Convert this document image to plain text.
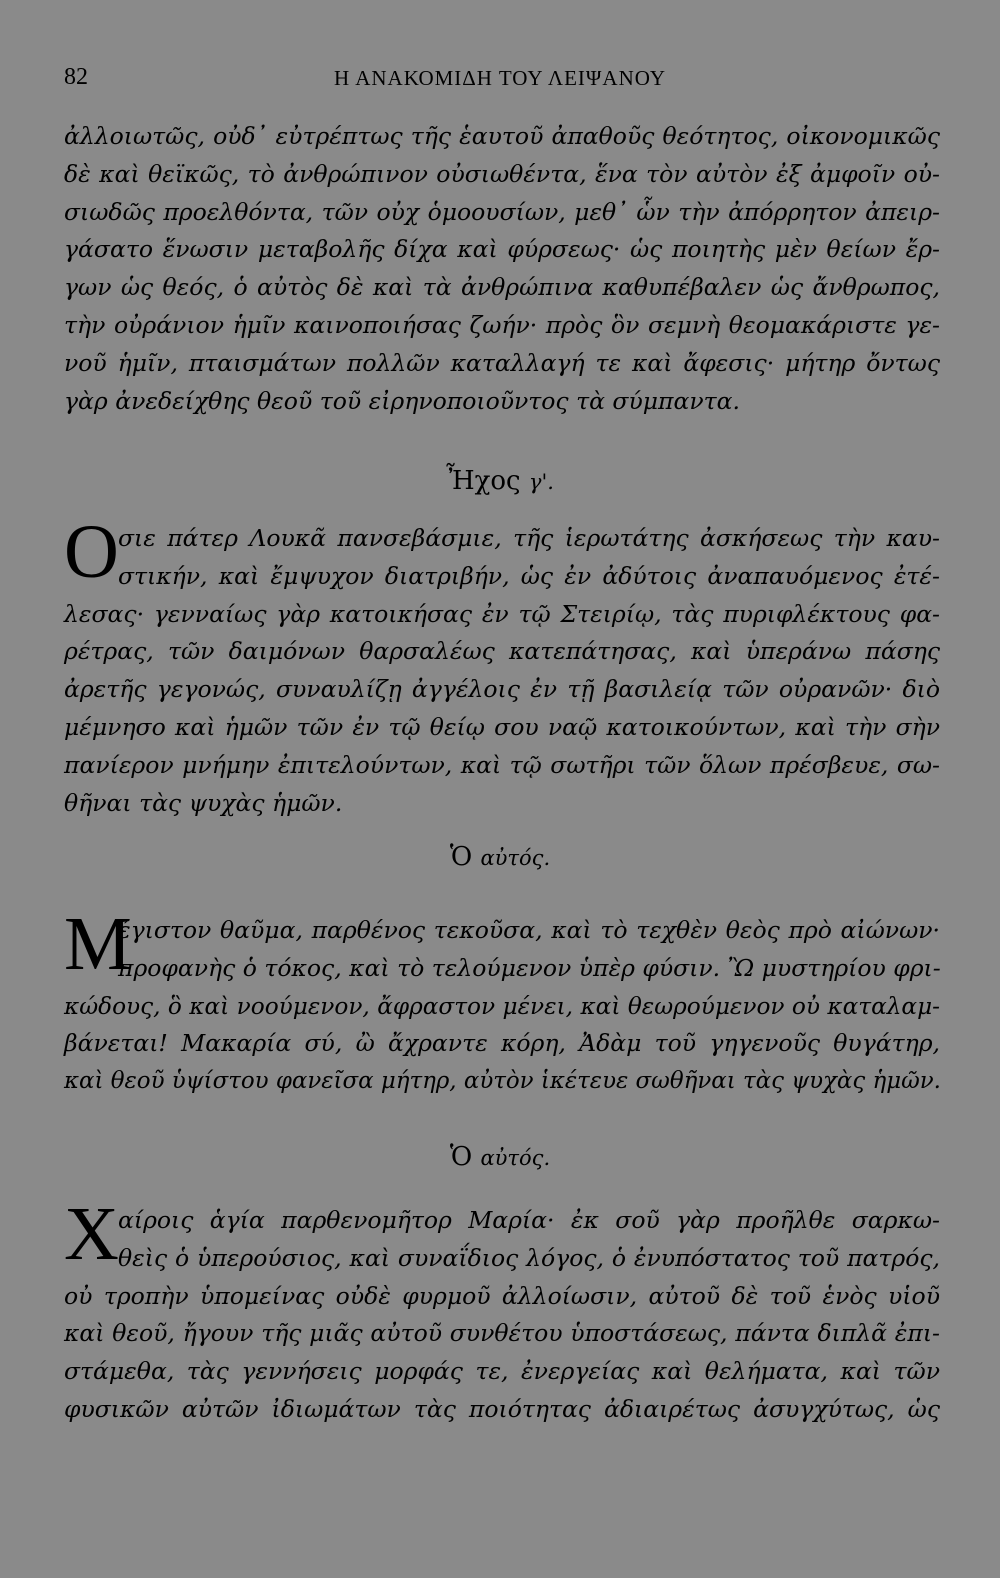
82	Η ΑΝΑΚΟΜΙΔΗ ΤΟΥ ΛΕΙΨΑΝΟΥ
ἀλλοιωτῶς, οὐδ᾽ εὐτρέπτως τῆς ἑαυτοῦ ἀπαθοῦς θεότητος, οἰκονομικῶς
δὲ καὶ θεϊκῶς, τὸ ἀνθρώπινον οὐσιωθέντα, ἕνα τὸν αὐτὸν ἐξ ἀμφοῖν οὐ-
σιωδῶς προελθόντα, τῶν οὐχ ὁμοουσίων, μεθ᾽ ὧν τὴν ἀπόρρητον ἀπειρ-
γάσατο ἕνωσιν μεταβολῆς δίχα καὶ φύρσεως· ὡς ποιητὴς μὲν θείων ἔρ-
γων ὡς θεός, ὁ αὐτὸς δὲ καὶ τὰ ἀνθρώπινα καθυπέβαλεν ὡς ἄνθρωπος,
τὴν οὐράνιον ἡμῖν καινοποιήσας ζωήν· πρὸς ὃν σεμνὴ θεομακάριστε γε-
νοῦ ἡμῖν, πταισμάτων πολλῶν καταλλαγή τε καὶ ἄφεσις· μήτηρ ὄντως
γὰρ ἀνεδείχθης θεοῦ τοῦ εἰρηνοποιοῦντος τὰ σύμπαντα.
Ἦχος γ'.
Ο σιε πάτερ Λουκᾶ πανσεβάσμιε, τῆς ἱερωτάτης ἀσκήσεως τὴν καυ-
στικήν, καὶ ἔμψυχον διατριβήν, ὡς ἐν ἀδύτοις ἀναπαυόμενος ἐτέ-
λεσας· γενναίως γὰρ κατοικήσας ἐν τῷ Στειρίῳ, τὰς πυριφλέκτους φα-
ρέτρας, τῶν δαιμόνων θαρσαλέως κατεπάτησας, καὶ ὑπεράνω πάσης
ἀρετῆς γεγονώς, συναυλίζῃ ἀγγέλοις ἐν τῇ βασιλείᾳ τῶν οὐρανῶν· διὸ
μέμνησο καὶ ἡμῶν τῶν ἐν τῷ θείῳ σου ναῷ κατοικούντων, καὶ τὴν σὴν
πανίερον μνήμην ἐπιτελούντων, καὶ τῷ σωτῆρι τῶν ὅλων πρέσβευε, σω-
θῆναι τὰς ψυχὰς ἡμῶν.
Ὁ αὐτός.
Μ
έγιστον θαῦμα, παρθένος τεκοῦσα, καὶ τὸ τεχθὲν θεὸς πρὸ αἰώνων·
προφανὴς ὁ τόκος, καὶ τὸ τελούμενον ὑπὲρ φύσιν. Ὢ μυστηρίου φρι-
κώδους, ὃ καὶ νοούμενον, ἄφραστον μένει, καὶ θεωρούμενον οὐ καταλαμ-
βάνεται! Μακαρία σύ, ὢ ἄχραντε κόρη, Ἀδὰμ τοῦ γηγενοῦς θυγάτηρ,
καὶ θεοῦ ὑψίστου φανεῖσα μήτηρ, αὐτὸν ἱκέτευε σωθῆναι τὰς ψυχὰς ἡμῶν.
Ὁ αὐτός.
Χ αίροις ἁγία παρθενομῆτορ Μαρία· ἐκ σοῦ γὰρ προῆλθε σαρκω-
θεὶς ὁ ὑπερούσιος, καὶ συναΐδιος λόγος, ὁ ἐνυπόστατος τοῦ πατρός,
οὐ τροπὴν ὑπομείνας οὐδὲ φυρμοῦ ἀλλοίωσιν, αὐτοῦ δὲ τοῦ ἑνὸς υἱοῦ
καὶ θεοῦ, ἤγουν τῆς μιᾶς αὐτοῦ συνθέτου ὑποστάσεως, πάντα διπλᾶ ἐπι-
στάμεθα, τὰς γεννήσεις μορφάς τε, ἐνεργείας καὶ θελήματα, καὶ τῶν
φυσικῶν αὐτῶν ἰδιωμάτων τὰς ποιότητας ἀδιαιρέτως ἀσυγχύτως, ὡς
